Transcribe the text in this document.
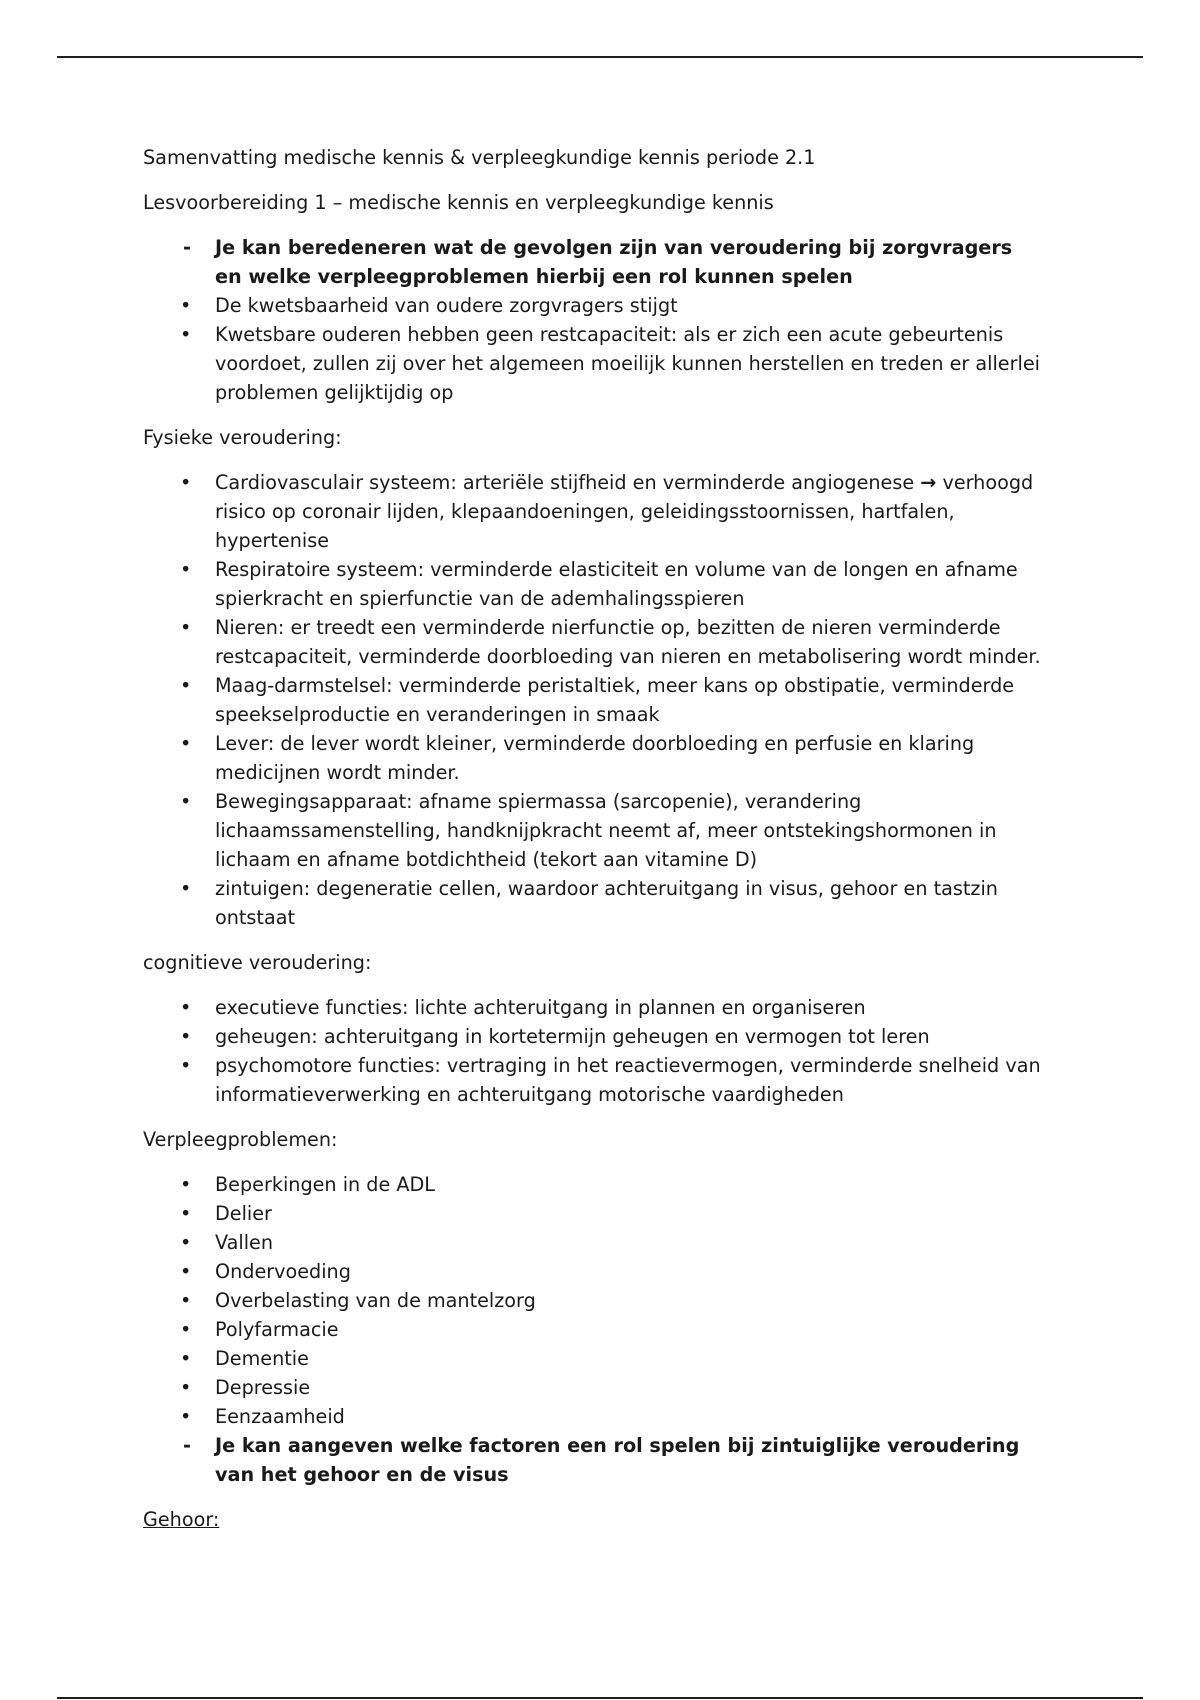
Samenvatting medische kennis & verpleegkundige kennis periode 2.1

Lesvoorbereiding 1 – medische kennis en verpleegkundige kennis

-	Je kan beredeneren wat de gevolgen zijn van veroudering bij zorgvragers en welke verpleegproblemen hierbij een rol kunnen spelen
•	De kwetsbaarheid van oudere zorgvragers stijgt
•	Kwetsbare ouderen hebben geen restcapaciteit: als er zich een acute gebeurtenis voordoet, zullen zij over het algemeen moeilijk kunnen herstellen en treden er allerlei problemen gelijktijdig op

Fysieke veroudering:

•	Cardiovasculair systeem: arteriële stijfheid en verminderde angiogenese → verhoogd risico op coronair lijden, klepaandoeningen, geleidingsstoornissen, hartfalen, hypertenise
•	Respiratoire systeem: verminderde elasticiteit en volume van de longen en afname spierkracht en spierfunctie van de ademhalingsspieren
•	Nieren: er treedt een verminderde nierfunctie op, bezitten de nieren verminderde restcapaciteit, verminderde doorbloeding van nieren en metabolisering wordt minder.
•	Maag-darmstelsel: verminderde peristaltiek, meer kans op obstipatie, verminderde speekselproductie en veranderingen in smaak
•	Lever: de lever wordt kleiner, verminderde doorbloeding en perfusie en klaring medicijnen wordt minder.
•	Bewegingsapparaat: afname spiermassa (sarcopenie), verandering lichaamssamenstelling, handknijpkracht neemt af, meer ontstekingshormonen in lichaam en afname botdichtheid (tekort aan vitamine D)
•	zintuigen: degeneratie cellen, waardoor achteruitgang in visus, gehoor en tastzin ontstaat

cognitieve veroudering:

•	executieve functies: lichte achteruitgang in plannen en organiseren
•	geheugen: achteruitgang in kortetermijn geheugen en vermogen tot leren
•	psychomotore functies: vertraging in het reactievermogen, verminderde snelheid van informatieverwerking en achteruitgang motorische vaardigheden

Verpleegproblemen:

•	Beperkingen in de ADL
•	Delier
•	Vallen
•	Ondervoeding
•	Overbelasting van de mantelzorg
•	Polyfarmacie
•	Dementie
•	Depressie
•	Eenzaamheid
-	Je kan aangeven welke factoren een rol spelen bij zintuiglijke veroudering van het gehoor en de visus

Gehoor:
